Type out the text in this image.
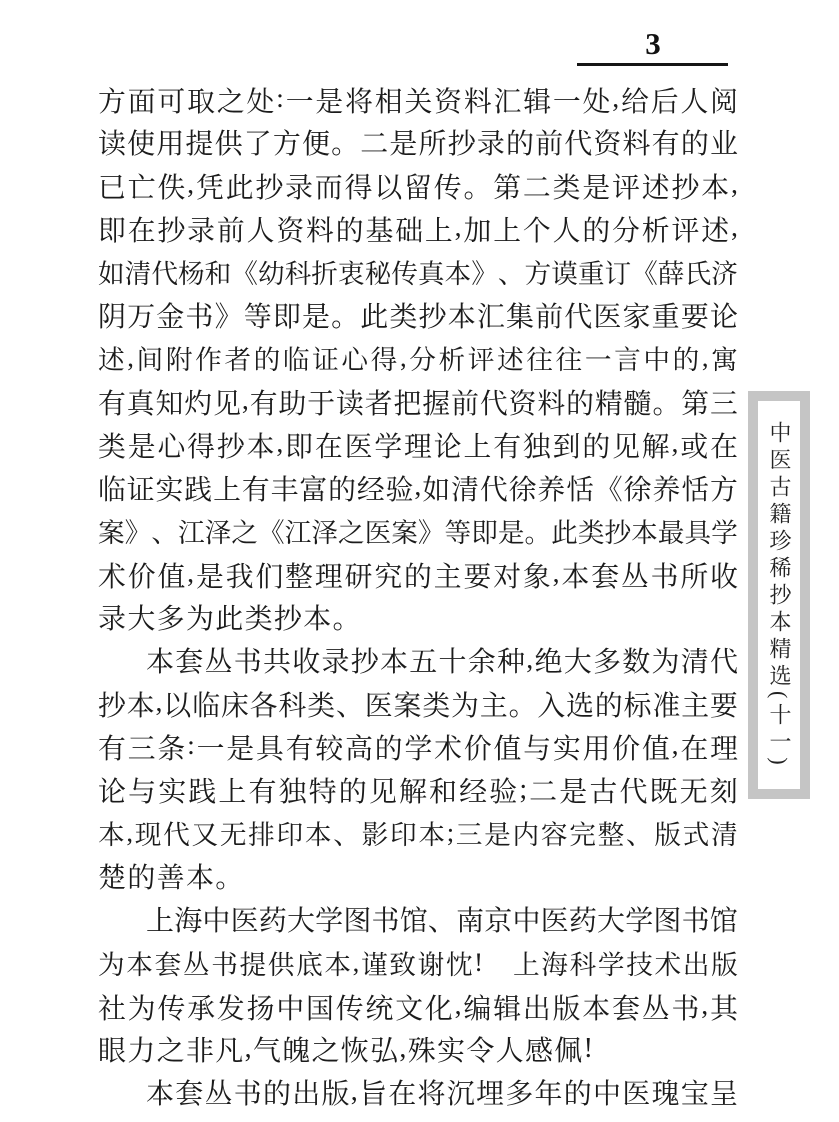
3
方 面 可 取 之 处 : 一 是 将 相 关 资 料 汇 辑 一 处 , 给 后 人 阅
读 使 用 提 供 了 方 便 。 二 是 所 抄 录 的 前 代 资 料 有 的 业
已 亡 佚 , 凭 此 抄 录 而 得 以 留 传 。 第 二 类 是 评 述 抄 本 ,
即 在 抄 录 前 人 资 料 的 基 础 上 , 加 上 个 人 的 分 析 评 述 ,
如 清 代 杨 和 《 幼 科 折 衷 秘 传 真 本 》 、 方 谟 重 订 《 薛 氏 济
阴 万 金 书 》 等 即 是 。 此 类 抄 本 汇 集 前 代 医 家 重 要 论
述 , 间 附 作 者 的 临 证 心 得 , 分 析 评 述 往 往 一 言 中 的 , 寓
有 真 知 灼 见 , 有 助 于 读 者 把 握 前 代 资 料 的 精 髓 。 第 三
类 是 心 得 抄 本 , 即 在 医 学 理 论 上 有 独 到 的 见 解 , 或 在
临 证 实 践 上 有 丰 富 的 经 验 , 如 清 代 徐 养 恬 《 徐 养 恬 方
案 》 、 江 泽 之 《 江 泽 之 医 案 》 等 即 是 。 此 类 抄 本 最 具 学
术 价 值 , 是 我 们 整 理 研 究 的 主 要 对 象 , 本 套 丛 书 所 收
录 大 多 为 此 类 抄 本 。
本 套 丛 书 共 收 录 抄 本 五 十 余 种 , 绝 大 多 数 为 清 代
抄 本 , 以 临 床 各 科 类 、 医 案 类 为 主 。 入 选 的 标 准 主 要
有 三 条 : 一 是 具 有 较 高 的 学 术 价 值 与 实 用 价 值 , 在 理
论 与 实 践 上 有 独 特 的 见 解 和 经 验 ; 二 是 古 代 既 无 刻
本 , 现 代 又 无 排 印 本 、 影 印 本 ; 三 是 内 容 完 整 、 版 式 清
楚 的 善 本 。
上 海 中 医 药 大 学 图 书 馆 、 南 京 中 医 药 大 学 图 书 馆
为 本 套 丛 书 提 供 底 本 , 谨 致 谢 忱 !
　 上 海 科 学 技 术 出 版
社 为 传 承 发 扬 中 国 传 统 文 化 , 编 辑 出 版 本 套 丛 书 , 其
眼 力 之 非 凡 , 气 魄 之 恢 弘 , 殊 实 令 人 感 佩 !
本 套 丛 书 的 出 版 , 旨 在 将 沉 埋 多 年 的 中 医 瑰 宝 呈
中医古籍珍稀抄本精选(十一)
